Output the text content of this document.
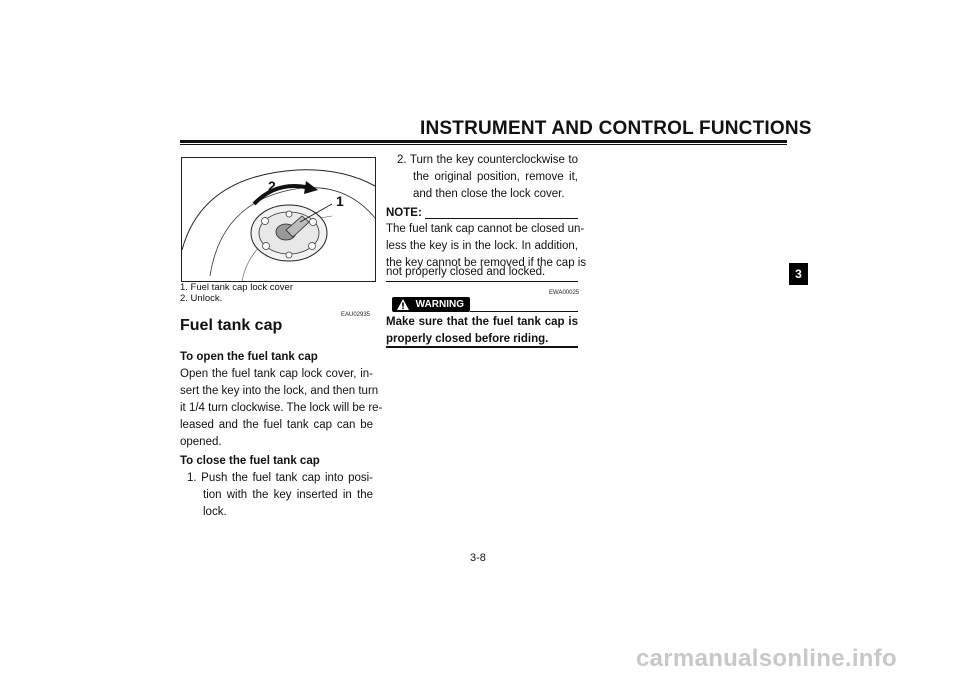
INSTRUMENT AND CONTROL FUNCTIONS
2
1
1. Fuel tank cap lock cover
2. Unlock.
EAU02935
Fuel tank cap
To open the fuel tank cap
Open the fuel tank cap lock cover, in-
sert the key into the lock, and then turn
it 1/4 turn clockwise. The lock will be re-
leased and the fuel tank cap can be
opened.
To close the fuel tank cap
1. Push the fuel tank cap into posi-
tion with the key inserted in the
lock.
2. Turn the key counterclockwise to
the original position, remove it,
and then close the lock cover.
NOTE:
The fuel tank cap cannot be closed un-
less the key is in the lock. In addition,
the key cannot be removed if the cap is
not properly closed and locked.
EWA00025
WARNING
Make sure that the fuel tank cap is
properly closed before riding.
3
3-8
carmanualsonline.info
